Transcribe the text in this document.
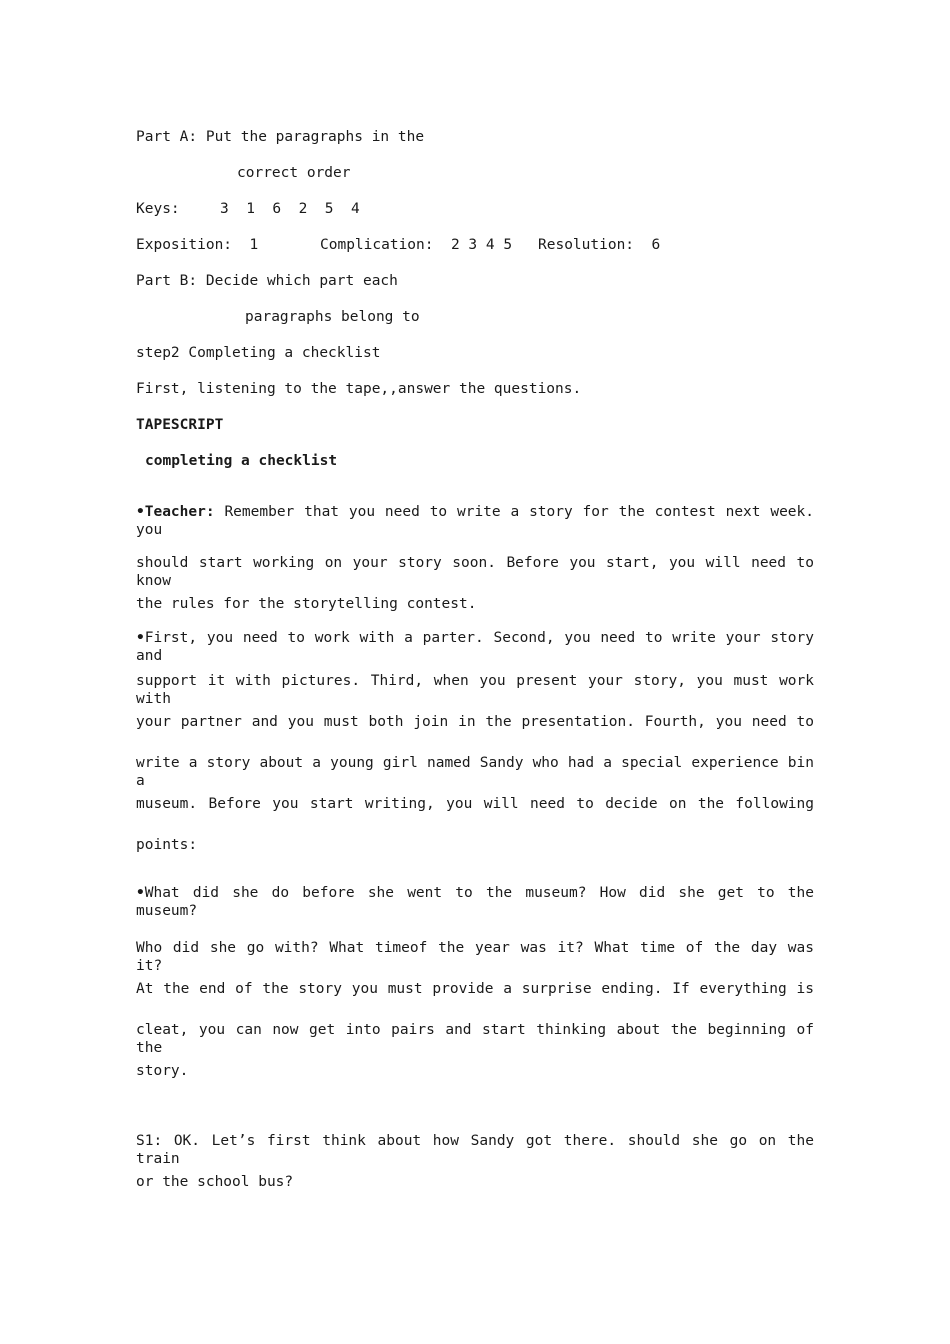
Part A: Put the paragraphs in the

correct order

Keys:	3  1  6  2  5  4

Exposition:  1	Complication:  2 3 4 5 Resolution:  6

Part B: Decide which part each

paragraphs belong to

step2 Completing a checklist

First, listening to the tape,,answer the questions.

TAPESCRIPT

completing a checklist

•Teacher: Remember that you need to write a story for the contest next week. you

should start working on your story soon. Before you start, you will need to know

the rules for the storytelling contest.

•First, you need to work with a parter. Second, you need to write your story and

support it with pictures. Third, when you present your story, you must work with

your partner and you must both join in the presentation. Fourth, you need to

write a story about a young girl named Sandy who had a special experience bin a

museum. Before you start writing, you will need to decide on the following

points:

•What did she do before she went to the museum? How did she get to the museum?

Who did she go with? What timeof the year was it? What time of the day was it?

At the end of the story you must provide a surprise ending. If everything is

cleat, you can now get into pairs and start thinking about the beginning of the

story.

S1: OK. Let’s first think about how Sandy got there. should she go on the train

or the school bus?
